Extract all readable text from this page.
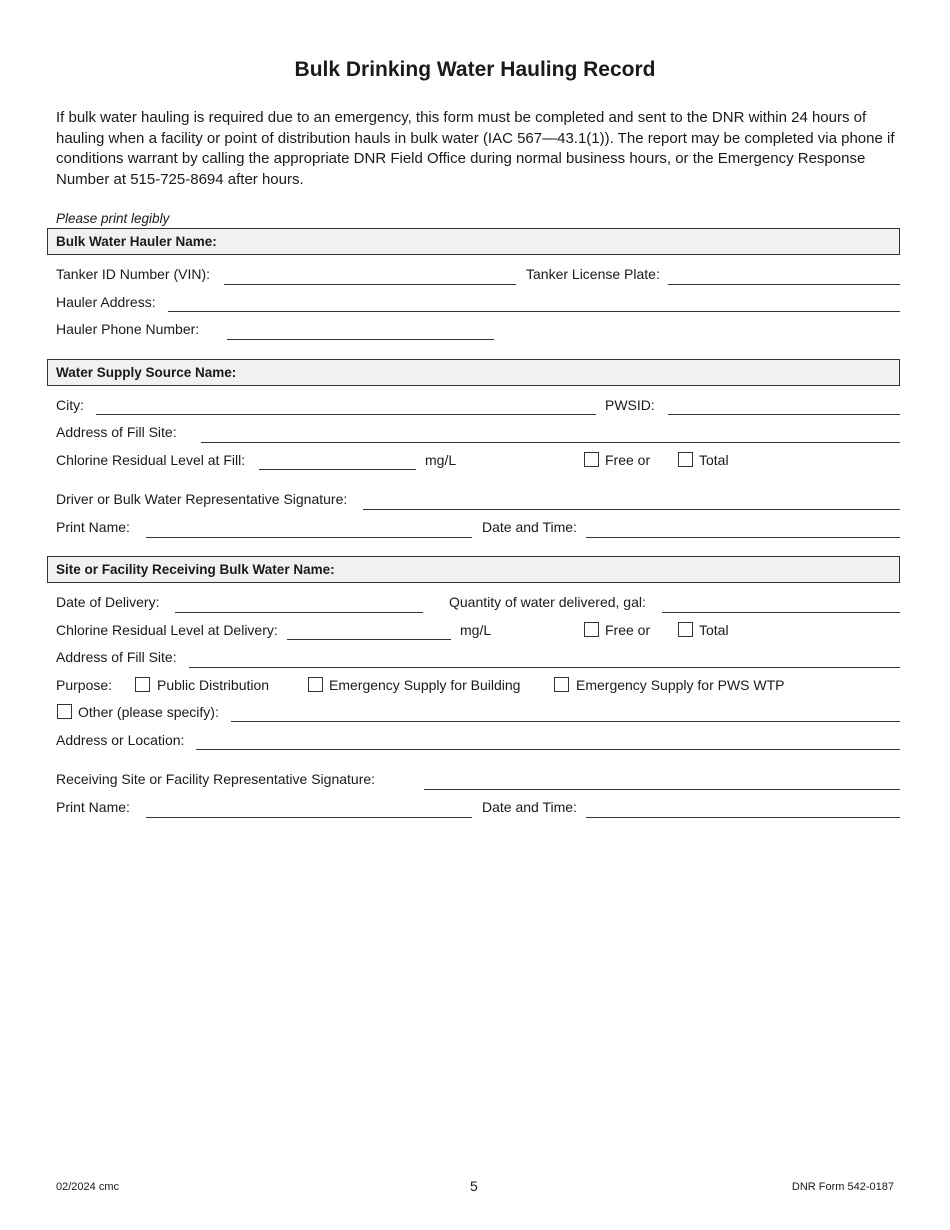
Bulk Drinking Water Hauling Record
If bulk water hauling is required due to an emergency, this form must be completed and sent to the DNR within 24 hours of hauling when a facility or point of distribution hauls in bulk water (IAC 567—43.1(1)). The report may be completed via phone if conditions warrant by calling the appropriate DNR Field Office during normal business hours, or the Emergency Response Number at 515-725-8694 after hours.
Please print legibly
Bulk Water Hauler Name:
Tanker ID Number (VIN):	Tanker License Plate:
Hauler Address:
Hauler Phone Number:
Water Supply Source Name:
City:	PWSID:
Address of Fill Site:
Chlorine Residual Level at Fill:	mg/L	Free or	Total
Driver or Bulk Water Representative Signature:
Print Name:	Date and Time:
Site or Facility Receiving Bulk Water Name:
Date of Delivery:	Quantity of water delivered, gal:
Chlorine Residual Level at Delivery:	mg/L	Free or	Total
Address of Fill Site:
Purpose:	Public Distribution	Emergency Supply for Building	Emergency Supply for PWS WTP
Other (please specify):
Address or Location:
Receiving Site or Facility Representative Signature:
Print Name:	Date and Time:
02/2024 cmc	5	DNR Form 542-0187
